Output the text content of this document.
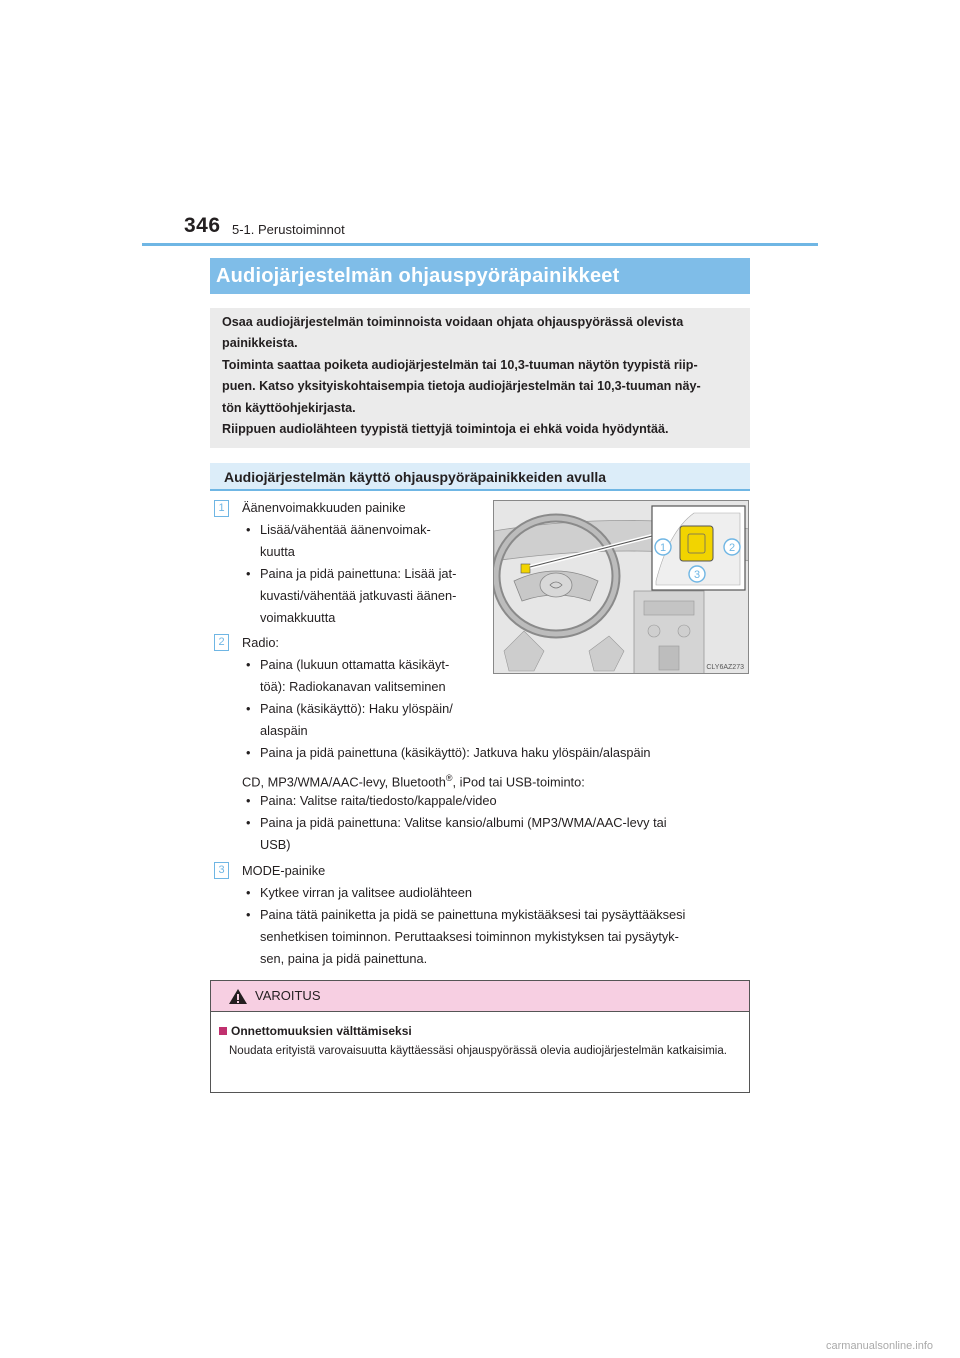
346 5-1. Perustoiminnot
Audiojärjestelmän ohjauspyöräpainikkeet

Osaa audiojärjestelmän toiminnoista voidaan ohjata ohjauspyörässä olevista

painikkeista.

Toiminta saattaa poiketa audiojärjestelmän tai 10,3-tuuman näytön tyypistä riip-

puen. Katso yksityiskohtaisempia tietoja audiojärjestelmän tai 10,3-tuuman näy-

tön käyttöohjekirjasta.

Riippuen audiolähteen tyypistä tiettyjä toimintoja ei ehkä voida hyödyntää.

Audiojärjestelmän käyttö ohjauspyöräpainikkeiden avulla
1	Äänenvoimakkuuden painike
• Lisää/vähentää äänenvoimak-
kuutta
• Paina ja pidä painettuna: Lisää jat-
kuvasti/vähentää jatkuvasti äänen-
voimakkuutta
2	Radio:
• Paina (lukuun ottamatta käsikäyt-
töä): Radiokanavan valitseminen
• Paina (käsikäyttö): Haku ylöspäin/
alaspäin
• Paina ja pidä painettuna (käsikäyttö): Jatkuva haku ylöspäin/alaspäin
CD, MP3/WMA/AAC-levy, Bluetooth®, iPod tai USB-toiminto:
• Paina: Valitse raita/tiedosto/kappale/video
• Paina ja pidä painettuna: Valitse kansio/albumi (MP3/WMA/AAC-levy tai
USB)
3	MODE-painike
• Kytkee virran ja valitsee audiolähteen
• Paina tätä painiketta ja pidä se painettuna mykistääksesi tai pysäyttääksesi
senhetkisen toiminnon. Peruttaaksesi toiminnon mykistyksen tai pysäytyk-
sen, paina ja pidä painettuna.
1	2
3
CLY6AZ273
VAROITUS
Onnettomuuksien välttämiseksi
Noudata erityistä varovaisuutta käyttäessäsi ohjauspyörässä olevia audiojärjestelmän katkaisimia.
carmanualsonline.info
